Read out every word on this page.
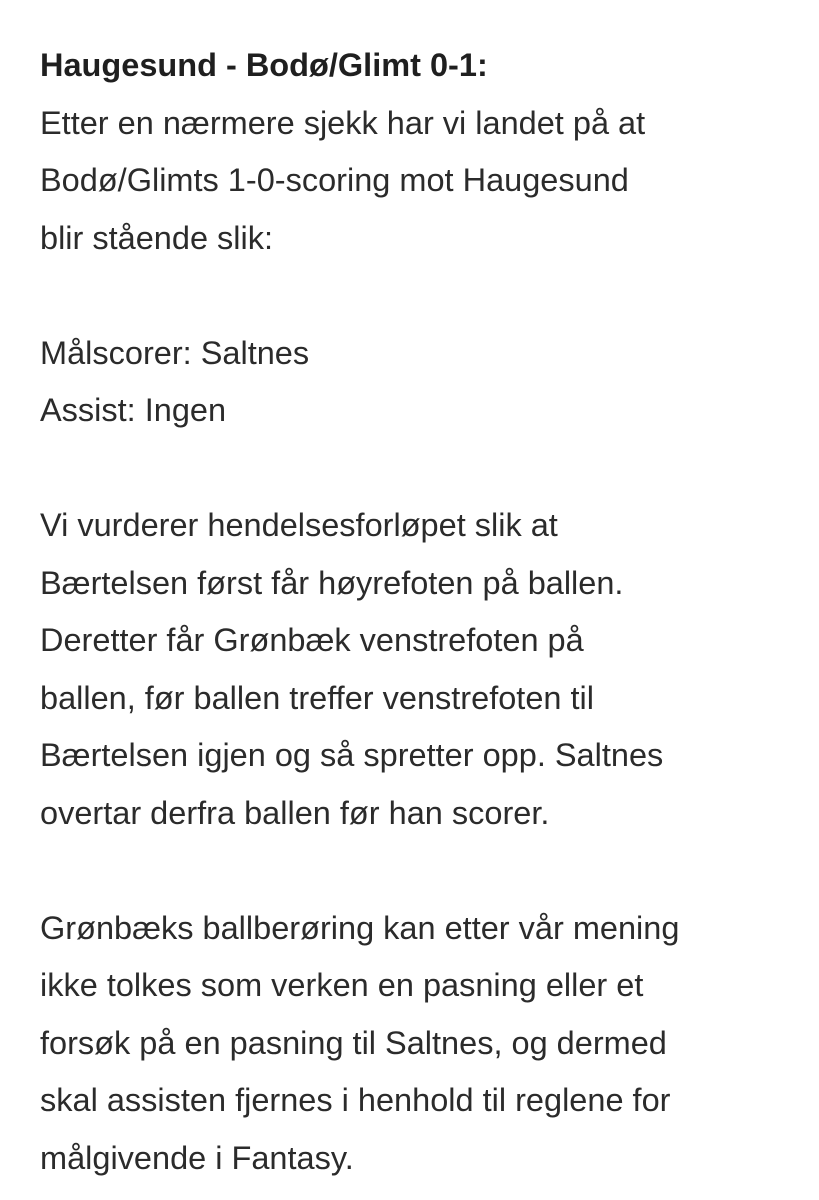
Haugesund - Bodø/Glimt 0-1:
Etter en nærmere sjekk har vi landet på at
Bodø/Glimts 1-0-scoring mot Haugesund
blir stående slik:
Målscorer: Saltnes
Assist: Ingen
Vi vurderer hendelsesforløpet slik at
Bærtelsen først får høyrefoten på ballen.
Deretter får Grønbæk venstrefoten på
ballen, før ballen treffer venstrefoten til
Bærtelsen igjen og så spretter opp. Saltnes
overtar derfra ballen før han scorer.
Grønbæks ballberøring kan etter vår mening
ikke tolkes som verken en pasning eller et
forsøk på en pasning til Saltnes, og dermed
skal assisten fjernes i henhold til reglene for
målgivende i Fantasy.
